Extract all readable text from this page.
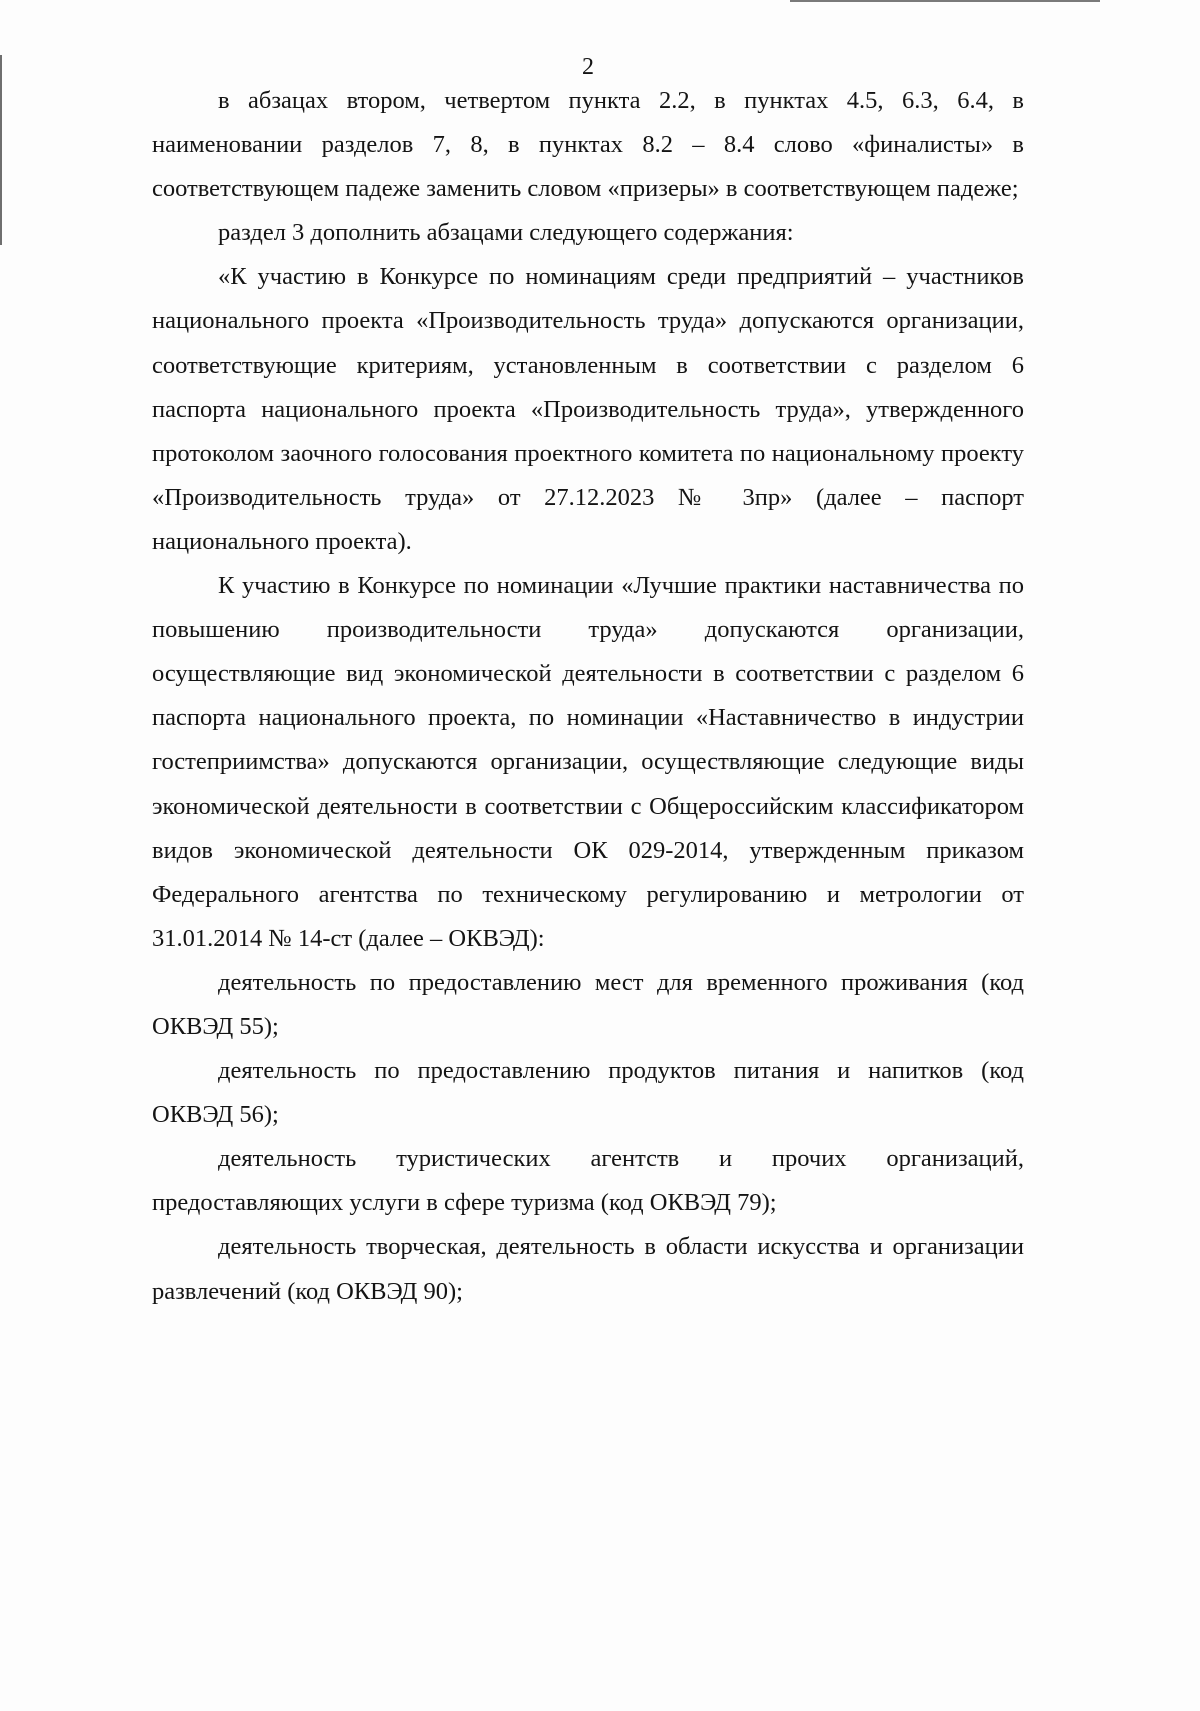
2

в абзацах втором, четвертом пункта 2.2, в пунктах 4.5, 6.3, 6.4, в наименовании разделов 7, 8, в пунктах 8.2 – 8.4 слово «финалисты» в соответствующем падеже заменить словом «призеры» в соответствующем падеже;

раздел 3 дополнить абзацами следующего содержания:

«К участию в Конкурсе по номинациям среди предприятий – участников национального проекта «Производительность труда» допускаются организации, соответствующие критериям, установленным в соответствии с разделом 6 паспорта национального проекта «Производительность труда», утвержденного протоколом заочного голосования проектного комитета по национальному проекту «Производительность труда» от 27.12.2023 № 3пр» (далее – паспорт национального проекта).

К участию в Конкурсе по номинации «Лучшие практики наставничества по повышению производительности труда» допускаются организации, осуществляющие вид экономической деятельности в соответствии с разделом 6 паспорта национального проекта, по номинации «Наставничество в индустрии гостеприимства» допускаются организации, осуществляющие следующие виды экономической деятельности в соответствии с Общероссийским классификатором видов экономической деятельности ОК 029-2014, утвержденным приказом Федерального агентства по техническому регулированию и метрологии от 31.01.2014 № 14-ст (далее – ОКВЭД):

деятельность по предоставлению мест для временного проживания (код ОКВЭД 55);

деятельность по предоставлению продуктов питания и напитков (код ОКВЭД 56);

деятельность туристических агентств и прочих организаций, предоставляющих услуги в сфере туризма (код ОКВЭД 79);

деятельность творческая, деятельность в области искусства и организации развлечений (код ОКВЭД 90);
